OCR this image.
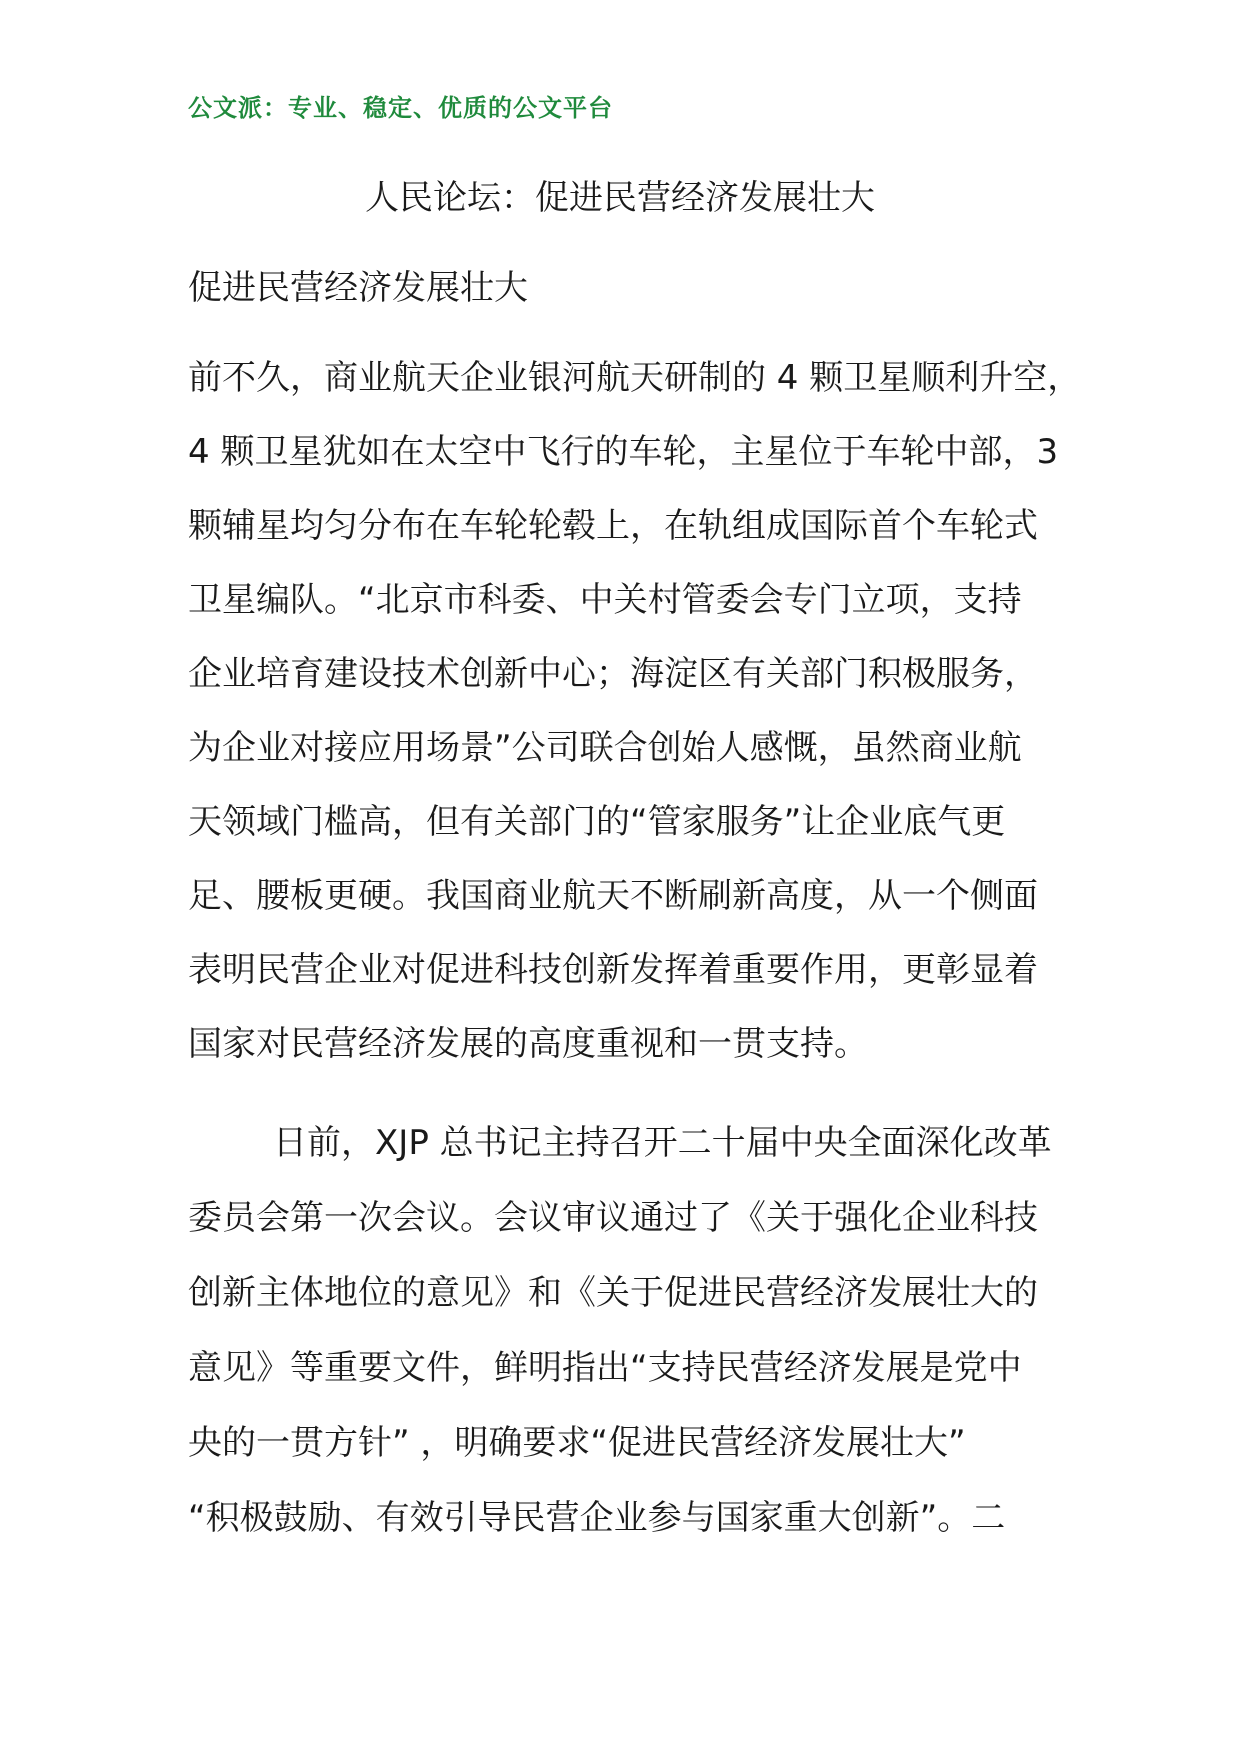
公文派：专业、稳定、优质的公文平台
人民论坛：促进民营经济发展壮大
促进民营经济发展壮大
前不久，商业航天企业银河航天研制的 4 颗卫星顺利升空，
4 颗卫星犹如在太空中飞行的车轮，主星位于车轮中部，3
颗辅星均匀分布在车轮轮毂上，在轨组成国际首个车轮式
卫星编队。“北京市科委、中关村管委会专门立项，支持
企业培育建设技术创新中心；海淀区有关部门积极服务，
为企业对接应用场景”公司联合创始人感慨，虽然商业航
天领域门槛高，但有关部门的“管家服务”让企业底气更
足、腰板更硬。我国商业航天不断刷新高度，从一个侧面
表明民营企业对促进科技创新发挥着重要作用，更彰显着
国家对民营经济发展的高度重视和一贯支持。
日前，XJP 总书记主持召开二十届中央全面深化改革
委员会第一次会议。会议审议通过了《关于强化企业科技
创新主体地位的意见》和《关于促进民营经济发展壮大的
意见》等重要文件，鲜明指出“支持民营经济发展是党中
央的一贯方针” ，明确要求“促进民营经济发展壮大”
“积极鼓励、有效引导民营企业参与国家重大创新”。二
